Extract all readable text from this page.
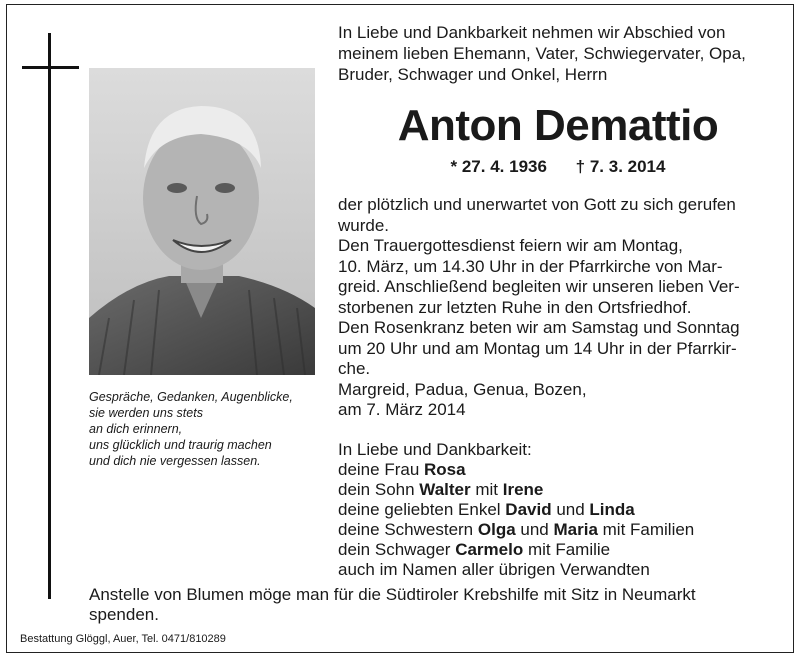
Gespräche, Gedanken, Augenblicke,
sie werden uns stets
an dich erinnern,
uns glücklich und traurig machen
und dich nie vergessen lassen.
In Liebe und Dankbarkeit nehmen wir Abschied von
meinem lieben Ehemann, Vater, Schwiegervater, Opa,
Bruder, Schwager und Onkel, Herrn
Anton Demattio
* 27. 4. 1936 † 7. 3. 2014
der plötzlich und unerwartet von Gott zu sich gerufen
wurde.
Den Trauergottesdienst feiern wir am Montag,
10. März, um 14.30 Uhr in der Pfarrkirche von Mar-
greid. Anschließend begleiten wir unseren lieben Ver-
storbenen zur letzten Ruhe in den Ortsfriedhof.
Den Rosenkranz beten wir am Samstag und Sonntag
um 20 Uhr und am Montag um 14 Uhr in der Pfarrkir-
che.
Margreid, Padua, Genua, Bozen,
am 7. März 2014
In Liebe und Dankbarkeit:
deine Frau Rosa
dein Sohn Walter mit Irene
deine geliebten Enkel David und Linda
deine Schwestern Olga und Maria mit Familien
dein Schwager Carmelo mit Familie
auch im Namen aller übrigen Verwandten
Anstelle von Blumen möge man für die Südtiroler Krebshilfe mit Sitz in Neumarkt
spenden.
Bestattung Glöggl, Auer, Tel. 0471/810289
